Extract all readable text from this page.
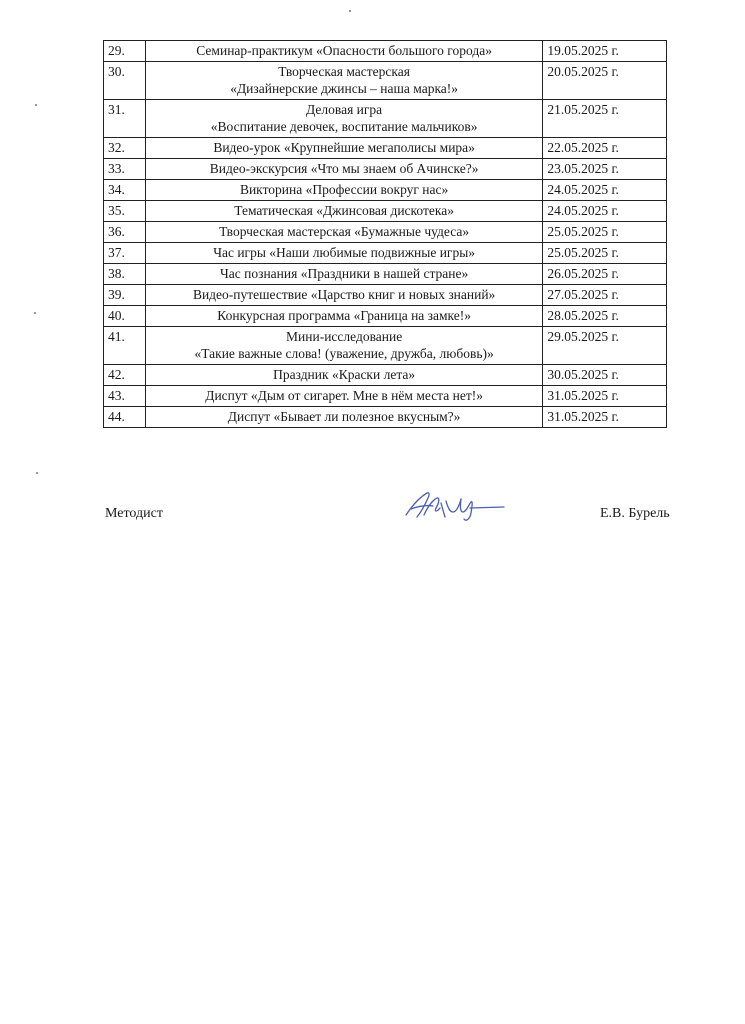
29.	Семинар-практикум «Опасности большого города»	19.05.2025 г.
30.	Творческая мастерская
«Дизайнерские джинсы – наша марка!»	20.05.2025 г.
31.	Деловая игра
«Воспитание девочек, воспитание мальчиков»	21.05.2025 г.
32.	Видео-урок «Крупнейшие мегаполисы мира»	22.05.2025 г.
33.	Видео-экскурсия «Что мы знаем об Ачинске?»	23.05.2025 г.
34.	Викторина «Профессии вокруг нас»	24.05.2025 г.
35.	Тематическая «Джинсовая дискотека»	24.05.2025 г.
36.	Творческая мастерская «Бумажные чудеса»	25.05.2025 г.
37.	Час игры «Наши любимые подвижные игры»	25.05.2025 г.
38.	Час познания «Праздники в нашей стране»	26.05.2025 г.
39.	Видео-путешествие «Царство книг и новых знаний»	27.05.2025 г.
40.	Конкурсная программа «Граница на замке!»	28.05.2025 г.
41.	Мини-исследование
«Такие важные слова! (уважение, дружба, любовь)»	29.05.2025 г.
42.	Праздник «Краски лета»	30.05.2025 г.
43.	Диспут «Дым от сигарет. Мне в нём места нет!»	31.05.2025 г.
44.	Диспут «Бывает ли полезное вкусным?»	31.05.2025 г.
Методист	Е.В. Бурель
